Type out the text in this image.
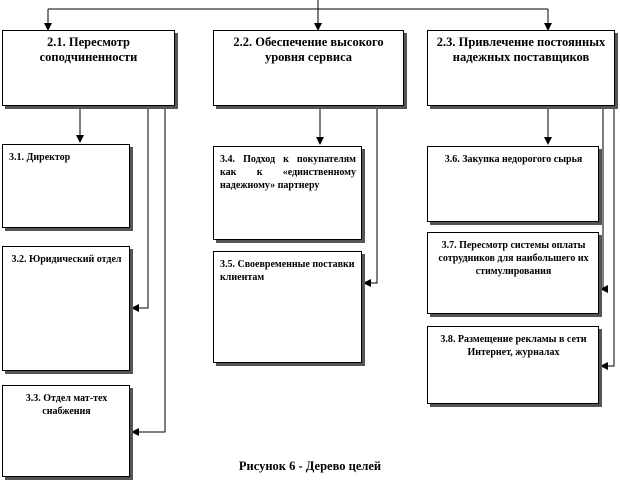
2.1. Пересмотр соподчиненности
2.2. Обеспечение высокого уровня сервиса
2.3. Привлечение постоянных надежных поставщиков
3.1. Директор
3.2. Юридический отдел
3.3. Отдел мат-тех снабжения
3.4. Подход к покупателям как к «единственному надежному» партнеру
3.5. Своевременные поставки клиентам
3.6. Закупка недорогого сырья
3.7. Пересмотр системы оплаты сотрудников для наибольшего их стимулирования
3.8. Размещение рекламы в сети Интернет, журналах
Рисунок 6 - Дерево целей
